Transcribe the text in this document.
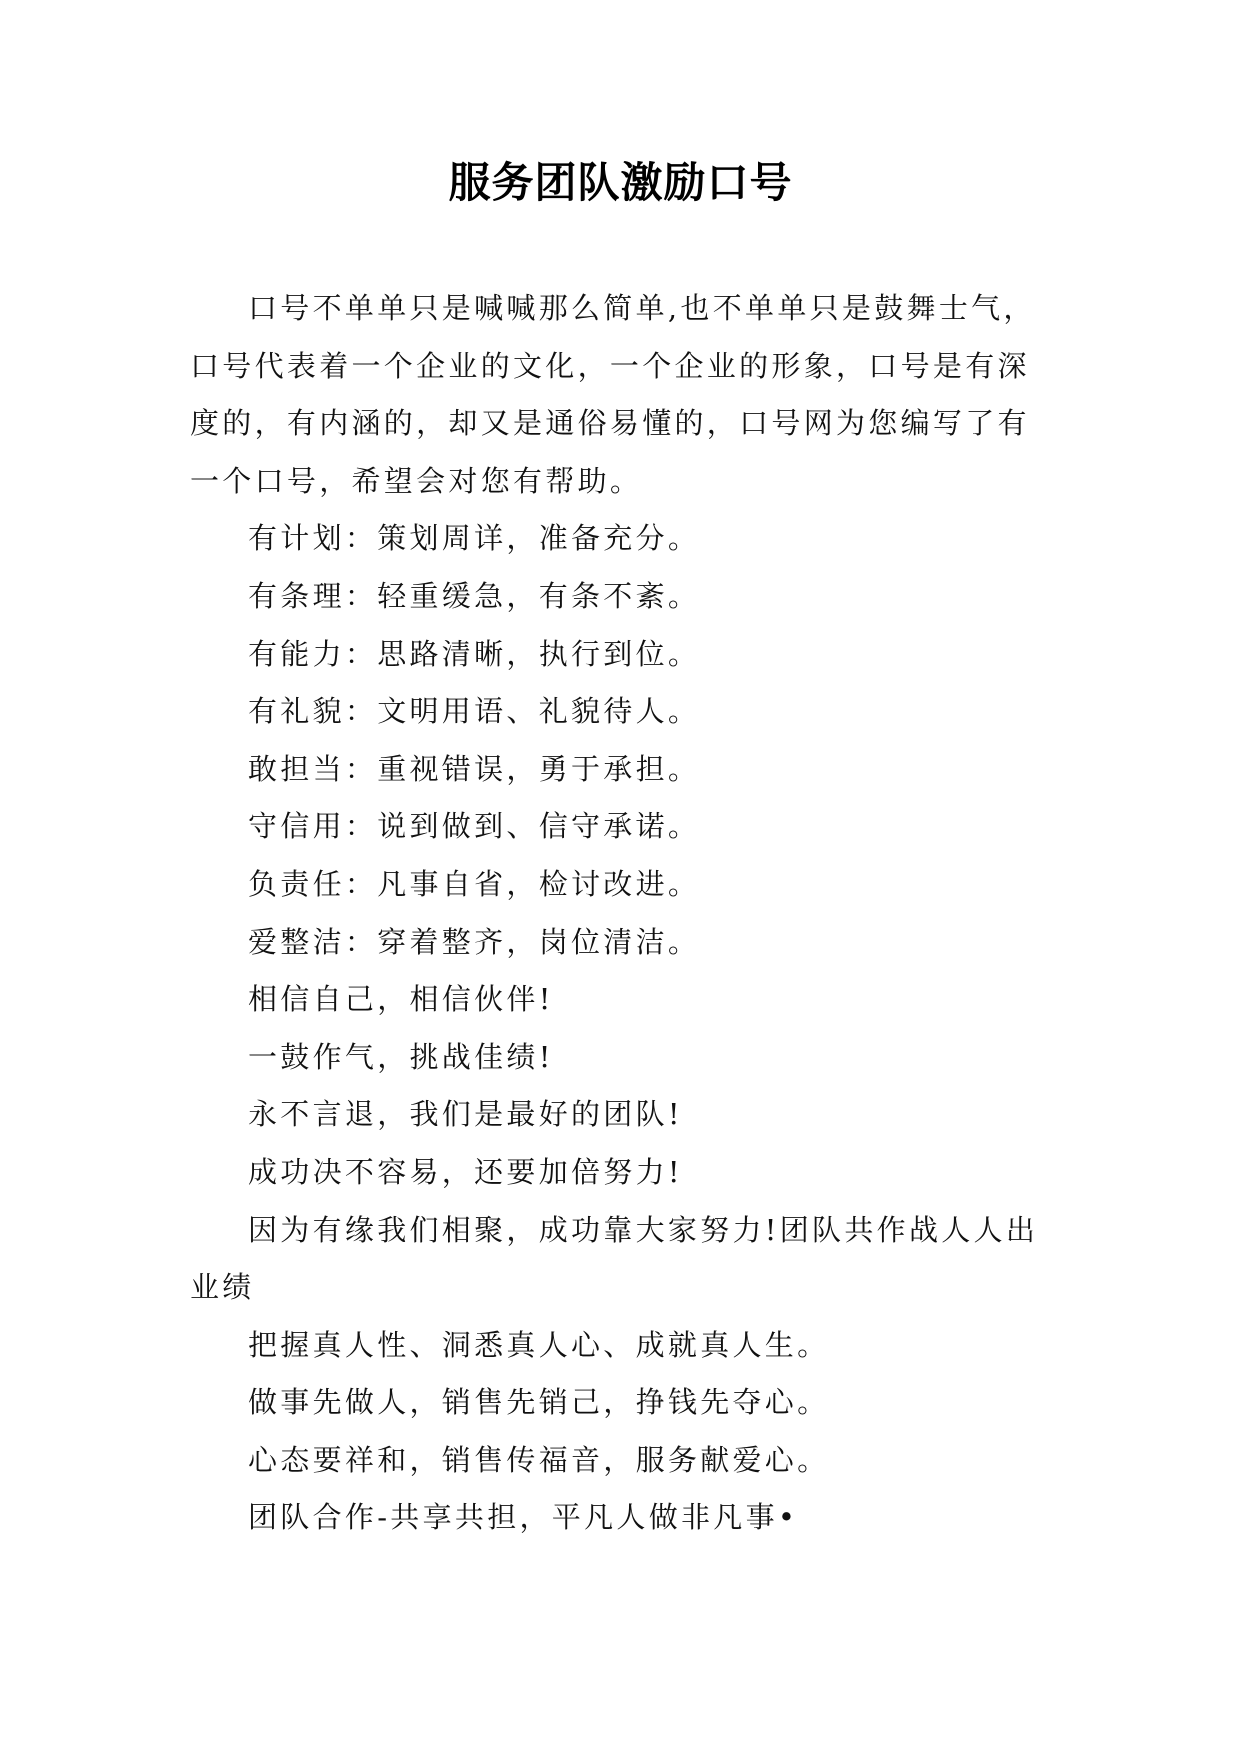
服务团队激励口号

口号不单单只是喊喊那么简单,也不单单只是鼓舞士气，口号代表着一个企业的文化，一个企业的形象，口号是有深度的，有内涵的，却又是通俗易懂的，口号网为您编写了有一个口号，希望会对您有帮助。

有计划：策划周详，准备充分。

有条理：轻重缓急，有条不紊。

有能力：思路清晰，执行到位。

有礼貌：文明用语、礼貌待人。

敢担当：重视错误，勇于承担。

守信用：说到做到、信守承诺。

负责任：凡事自省，检讨改进。

爱整洁：穿着整齐，岗位清洁。

相信自己，相信伙伴!

一鼓作气，挑战佳绩!

永不言退，我们是最好的团队!

成功决不容易，还要加倍努力!

因为有缘我们相聚，成功靠大家努力!团队共作战人人出业绩

把握真人性、洞悉真人心、成就真人生。

做事先做人，销售先销己，挣钱先夺心。

心态要祥和，销售传福音，服务献爱心。

团队合作-共享共担，平凡人做非凡事•
